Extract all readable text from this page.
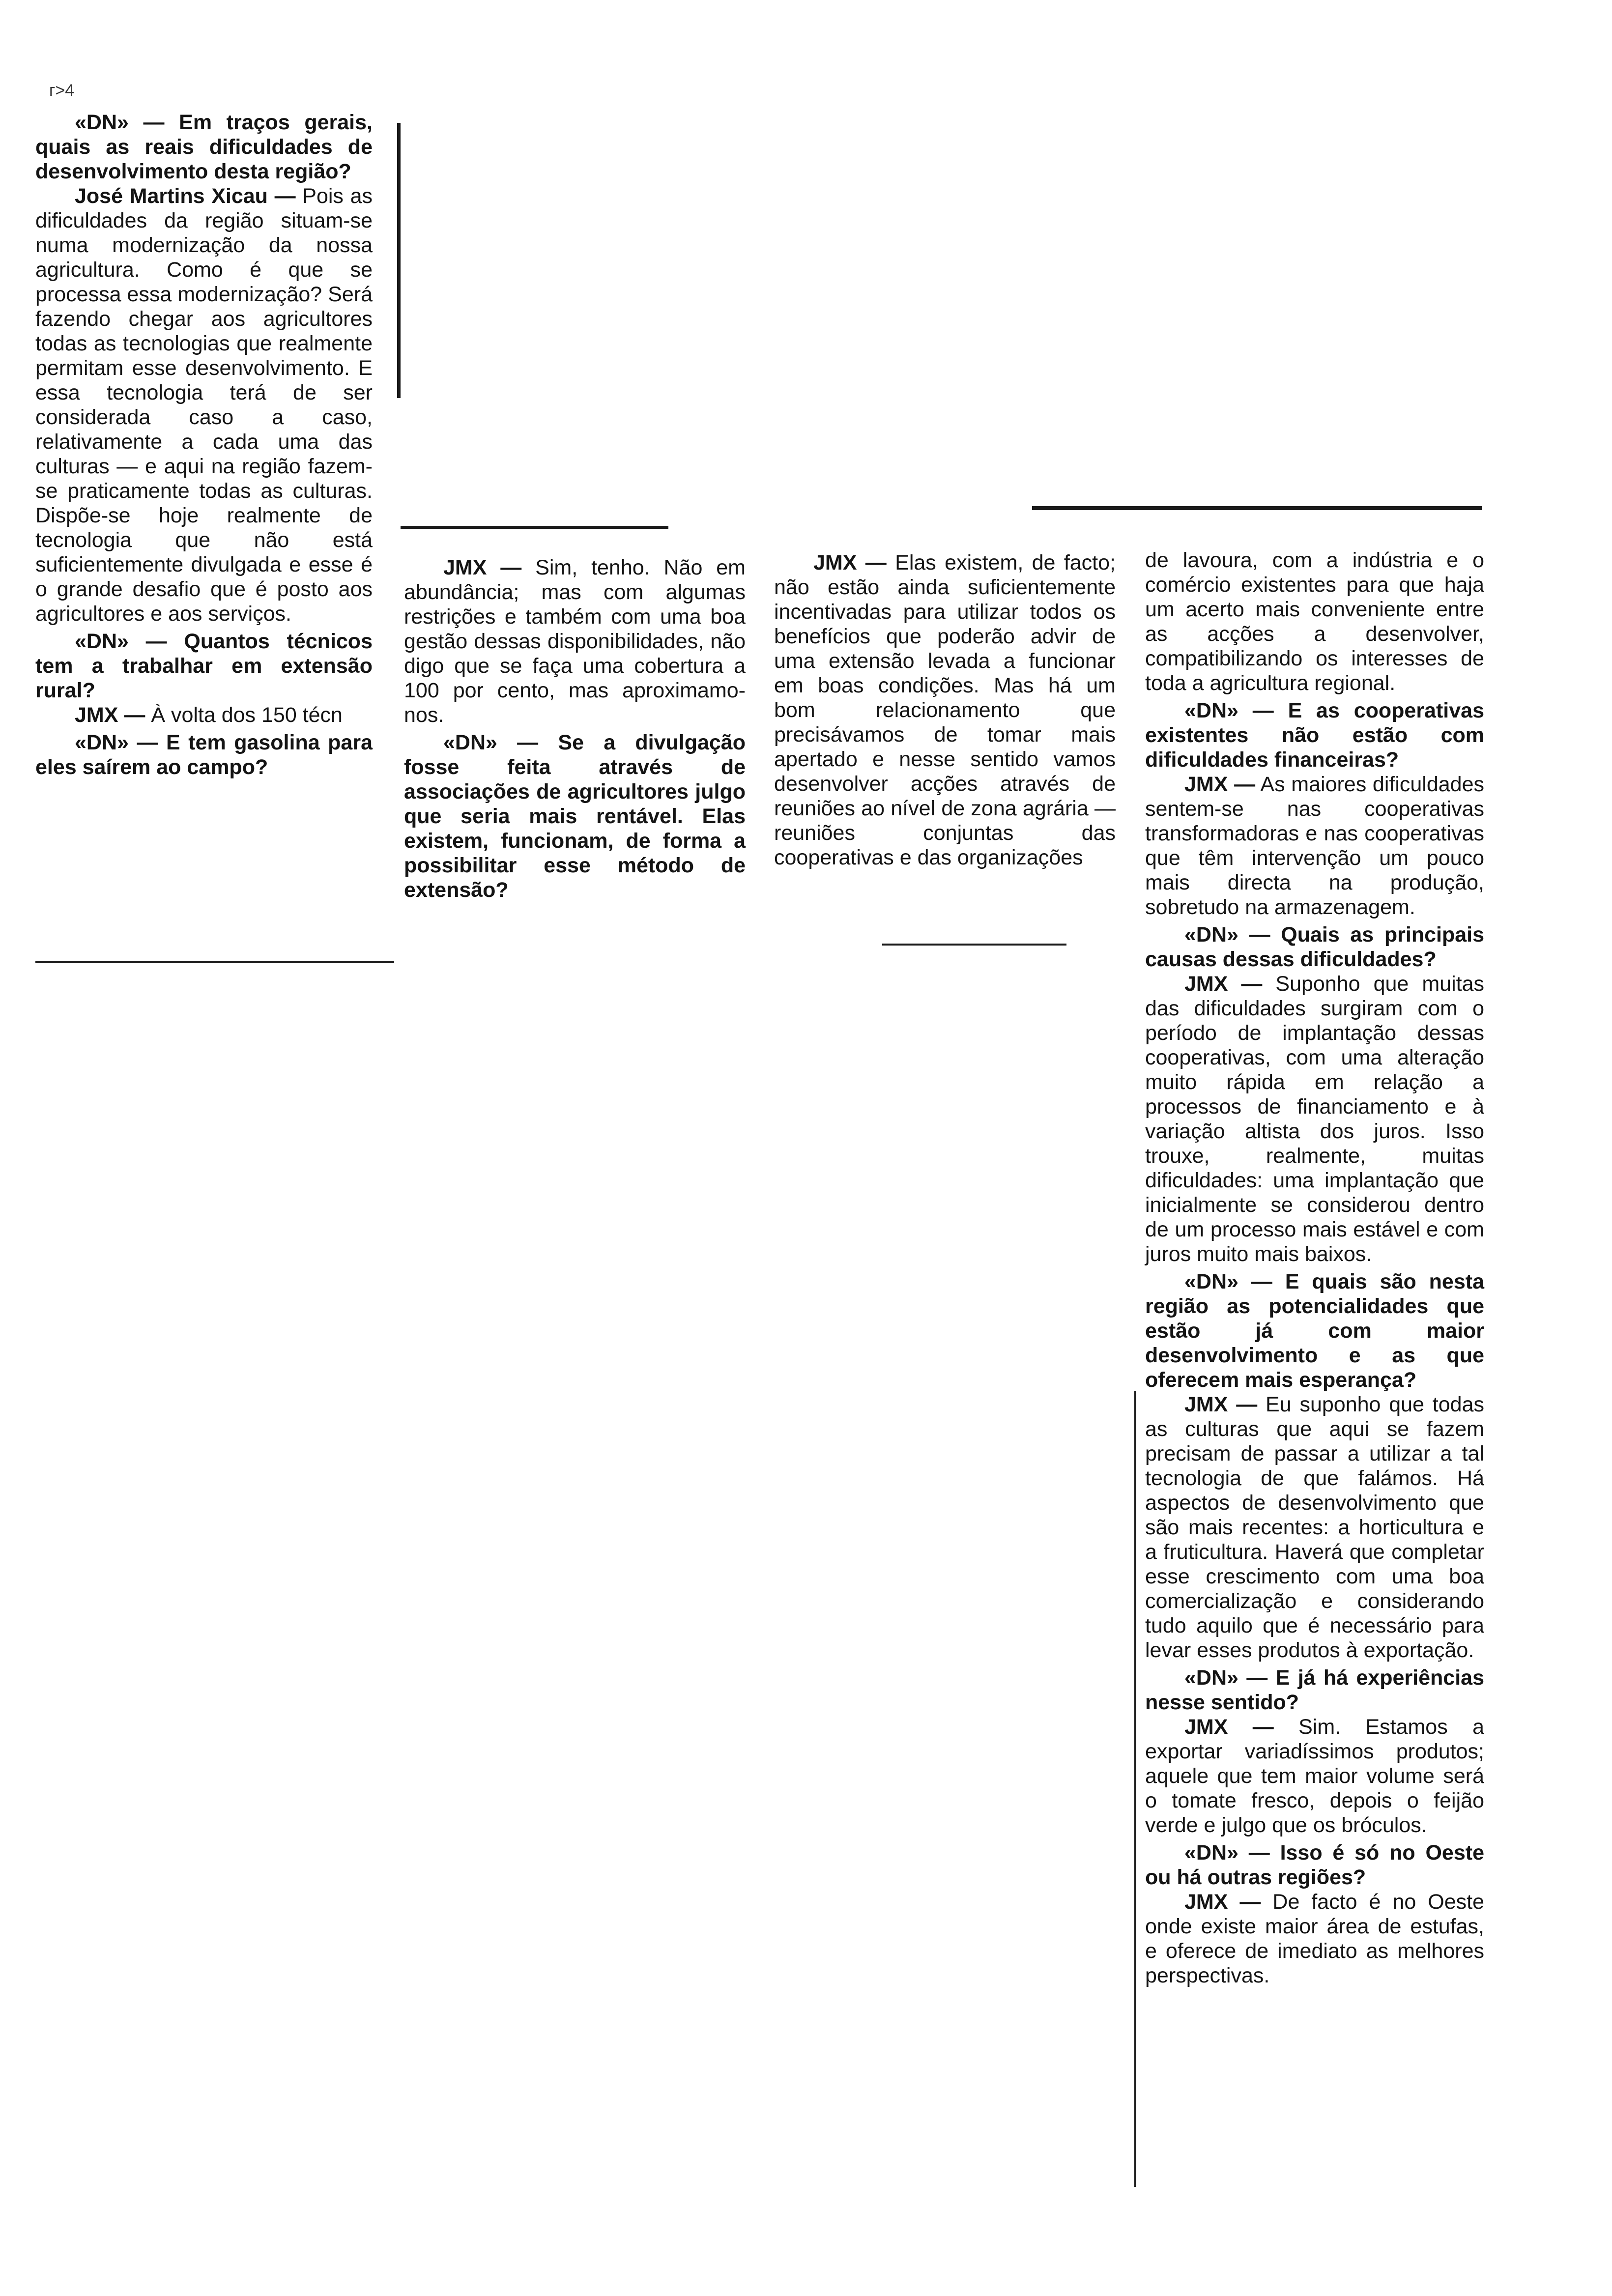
г>4

«DN» — Em traços gerais, quais as reais dificuldades de desenvolvimento desta região?

José Martins Xicau — Pois as dificuldades da região situam-se numa modernização da nossa agricultura. Como é que se processa essa modernização? Será fazendo chegar aos agricultores todas as tecnologias que realmente permitam esse desenvolvimento. E essa tecnologia terá de ser considerada caso a caso, relativamente a cada uma das culturas — e aqui na região fazem-se praticamente todas as culturas. Dispõe-se hoje realmente de tecnologia que não está suficientemente divulgada e esse é o grande desafio que é posto aos agricultores e aos serviços.

«DN» — Quantos técnicos tem a trabalhar em extensão rural?

JMX — À volta dos 150 técn

«DN» — E tem gasolina para eles saírem ao campo?

JMX — Sim, tenho. Não em abundância; mas com algumas restrições e também com uma boa gestão dessas disponibilidades, não digo que se faça uma cobertura a 100 por cento, mas aproximamo-nos.

«DN» — Se a divulgação fosse feita através de associações de agricultores julgo que seria mais rentável. Elas existem, funcionam, de forma a possibilitar esse método de extensão?

JMX — Elas existem, de facto; não estão ainda suficientemente incentivadas para utilizar todos os benefícios que poderão advir de uma extensão levada a funcionar em boas condições. Mas há um bom relacionamento que precisávamos de tomar mais apertado e nesse sentido vamos desenvolver acções através de reuniões ao nível de zona agrária — reuniões conjuntas das cooperativas e das organizações

de lavoura, com a indústria e o comércio existentes para que haja um acerto mais conveniente entre as acções a desenvolver, compatibilizando os interesses de toda a agricultura regional.

«DN» — E as cooperativas existentes não estão com dificuldades financeiras?

JMX — As maiores dificuldades sentem-se nas cooperativas transformadoras e nas cooperativas que têm intervenção um pouco mais directa na produção, sobretudo na armazenagem.

«DN» — Quais as principais causas dessas dificuldades?

JMX — Suponho que muitas das dificuldades surgiram com o período de implantação dessas cooperativas, com uma alteração muito rápida em relação a processos de financiamento e à variação altista dos juros. Isso trouxe, realmente, muitas dificuldades: uma implantação que inicialmente se considerou dentro de um processo mais estável e com juros muito mais baixos.

«DN» — E quais são nesta região as potencialidades que estão já com maior desenvolvimento e as que oferecem mais esperança?

JMX — Eu suponho que todas as culturas que aqui se fazem precisam de passar a utilizar a tal tecnologia de que falámos. Há aspectos de desenvolvimento que são mais recentes: a horticultura e a fruticultura. Haverá que completar esse crescimento com uma boa comercialização e considerando tudo aquilo que é necessário para levar esses produtos à exportação.

«DN» — E já há experiências nesse sentido?

JMX — Sim. Estamos a exportar variadíssimos produtos; aquele que tem maior volume será o tomate fresco, depois o feijão verde e julgo que os bróculos.

«DN» — Isso é só no Oeste ou há outras regiões?

JMX — De facto é no Oeste onde existe maior área de estufas, e oferece de imediato as melhores perspectivas.
